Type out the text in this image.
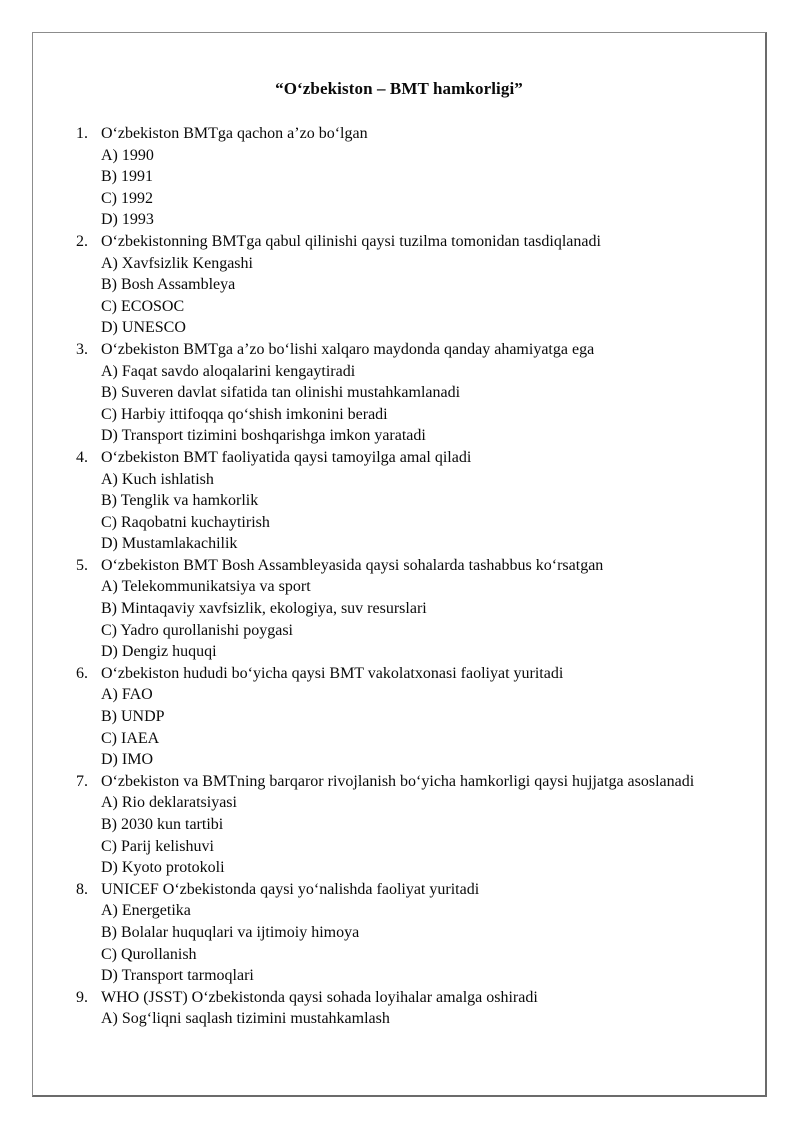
“O‘zbekiston – BMT hamkorligi”
1. O‘zbekiston BMTga qachon a’zo bo‘lgan
A) 1990
B) 1991
C) 1992
D) 1993
2. O‘zbekistonning BMTga qabul qilinishi qaysi tuzilma tomonidan tasdiqlanadi
A) Xavfsizlik Kengashi
B) Bosh Assambleya
C) ECOSOC
D) UNESCO
3. O‘zbekiston BMTga a’zo bo‘lishi xalqaro maydonda qanday ahamiyatga ega
A) Faqat savdo aloqalarini kengaytiradi
B) Suveren davlat sifatida tan olinishi mustahkamlanadi
C) Harbiy ittifoqqa qo‘shish imkonini beradi
D) Transport tizimini boshqarishga imkon yaratadi
4. O‘zbekiston BMT faoliyatida qaysi tamoyilga amal qiladi
A) Kuch ishlatish
B) Tenglik va hamkorlik
C) Raqobatni kuchaytirish
D) Mustamlakachilik
5. O‘zbekiston BMT Bosh Assambleyasida qaysi sohalarda tashabbus ko‘rsatgan
A) Telekommunikatsiya va sport
B) Mintaqaviy xavfsizlik, ekologiya, suv resurslari
C) Yadro qurollanishi poygasi
D) Dengiz huquqi
6. O‘zbekiston hududi bo‘yicha qaysi BMT vakolatxonasi faoliyat yuritadi
A) FAO
B) UNDP
C) IAEA
D) IMO
7. O‘zbekiston va BMTning barqaror rivojlanish bo‘yicha hamkorligi qaysi hujjatga asoslanadi
A) Rio deklaratsiyasi
B) 2030 kun tartibi
C) Parij kelishuvi
D) Kyoto protokoli
8. UNICEF O‘zbekistonda qaysi yo‘nalishda faoliyat yuritadi
A) Energetika
B) Bolalar huquqlari va ijtimoiy himoya
C) Qurollanish
D) Transport tarmoqlari
9. WHO (JSST) O‘zbekistonda qaysi sohada loyihalar amalga oshiradi
A) Sog‘liqni saqlash tizimini mustahkamlash
